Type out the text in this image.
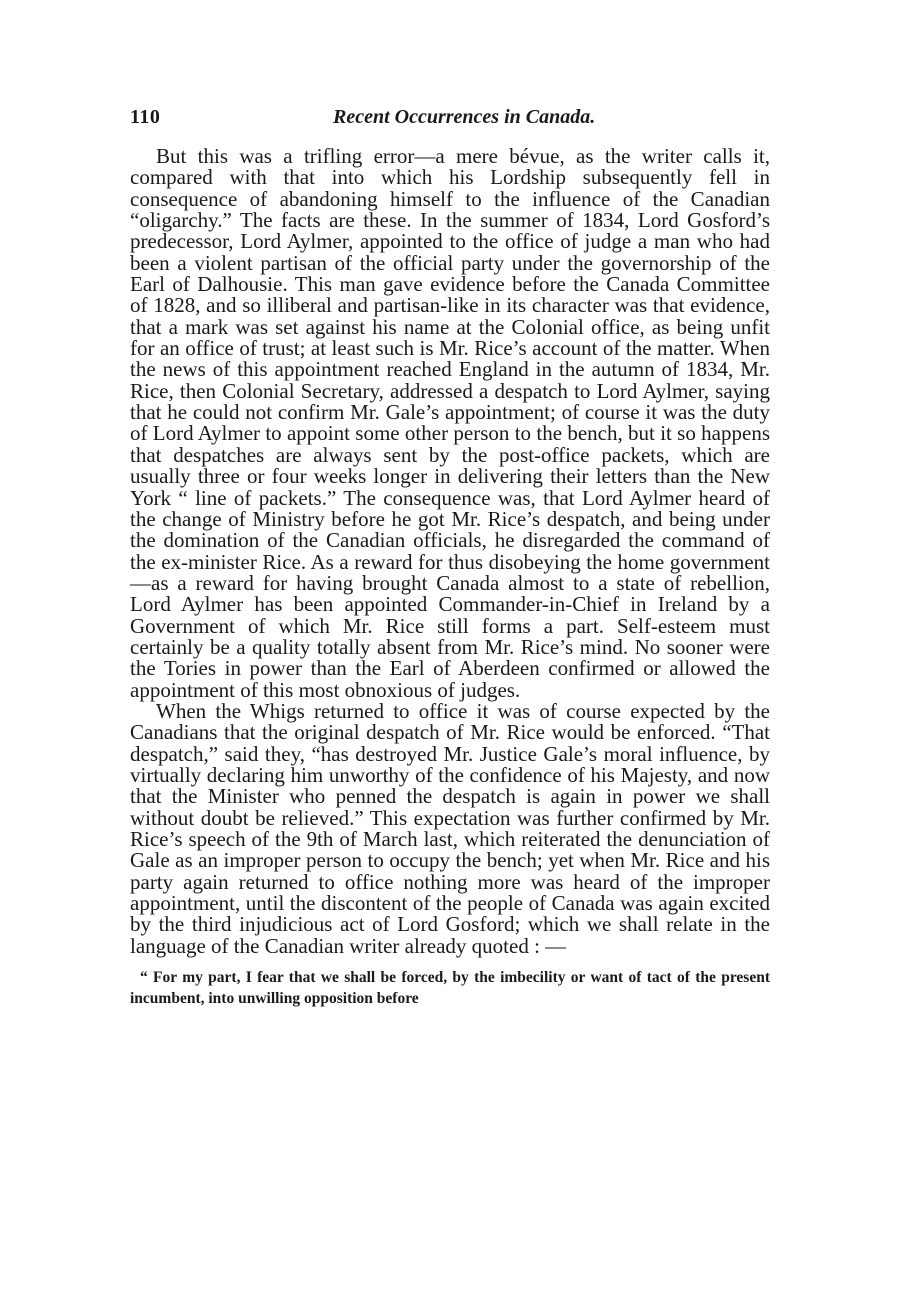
110	Recent Occurrences in Canada.

But this was a trifling error—a mere bévue, as the writer calls it, compared with that into which his Lordship subsequently fell in consequence of abandoning himself to the influence of the Canadian “oligarchy.” The facts are these. In the summer of 1834, Lord Gosford’s predecessor, Lord Aylmer, appointed to the office of judge a man who had been a violent partisan of the official party under the governorship of the Earl of Dalhousie. This man gave evidence before the Canada Committee of 1828, and so illiberal and partisan-like in its character was that evidence, that a mark was set against his name at the Colonial office, as being unfit for an office of trust; at least such is Mr. Rice’s account of the matter. When the news of this appointment reached England in the autumn of 1834, Mr. Rice, then Colonial Secretary, addressed a despatch to Lord Aylmer, saying that he could not confirm Mr. Gale’s appointment; of course it was the duty of Lord Aylmer to appoint some other person to the bench, but it so happens that despatches are always sent by the post-office packets, which are usually three or four weeks longer in delivering their letters than the New York “ line of packets.” The consequence was, that Lord Aylmer heard of the change of Ministry before he got Mr. Rice’s despatch, and being under the domination of the Canadian officials, he disregarded the command of the ex-minister Rice. As a reward for thus disobeying the home government—as a reward for having brought Canada almost to a state of rebellion, Lord Aylmer has been appointed Commander-in-Chief in Ireland by a Government of which Mr. Rice still forms a part. Self-esteem must certainly be a quality totally absent from Mr. Rice’s mind. No sooner were the Tories in power than the Earl of Aberdeen confirmed or allowed the appointment of this most obnoxious of judges.

When the Whigs returned to office it was of course expected by the Canadians that the original despatch of Mr. Rice would be enforced. “That despatch,” said they, “has destroyed Mr. Justice Gale’s moral influence, by virtually declaring him unworthy of the confidence of his Majesty, and now that the Minister who penned the despatch is again in power we shall without doubt be relieved.” This expectation was further confirmed by Mr. Rice’s speech of the 9th of March last, which reiterated the denunciation of Gale as an improper person to occupy the bench; yet when Mr. Rice and his party again returned to office nothing more was heard of the improper appointment, until the discontent of the people of Canada was again excited by the third injudicious act of Lord Gosford; which we shall relate in the language of the Canadian writer already quoted : —

“ For my part, I fear that we shall be forced, by the imbecility or want of tact of the present incumbent, into unwilling opposition before
